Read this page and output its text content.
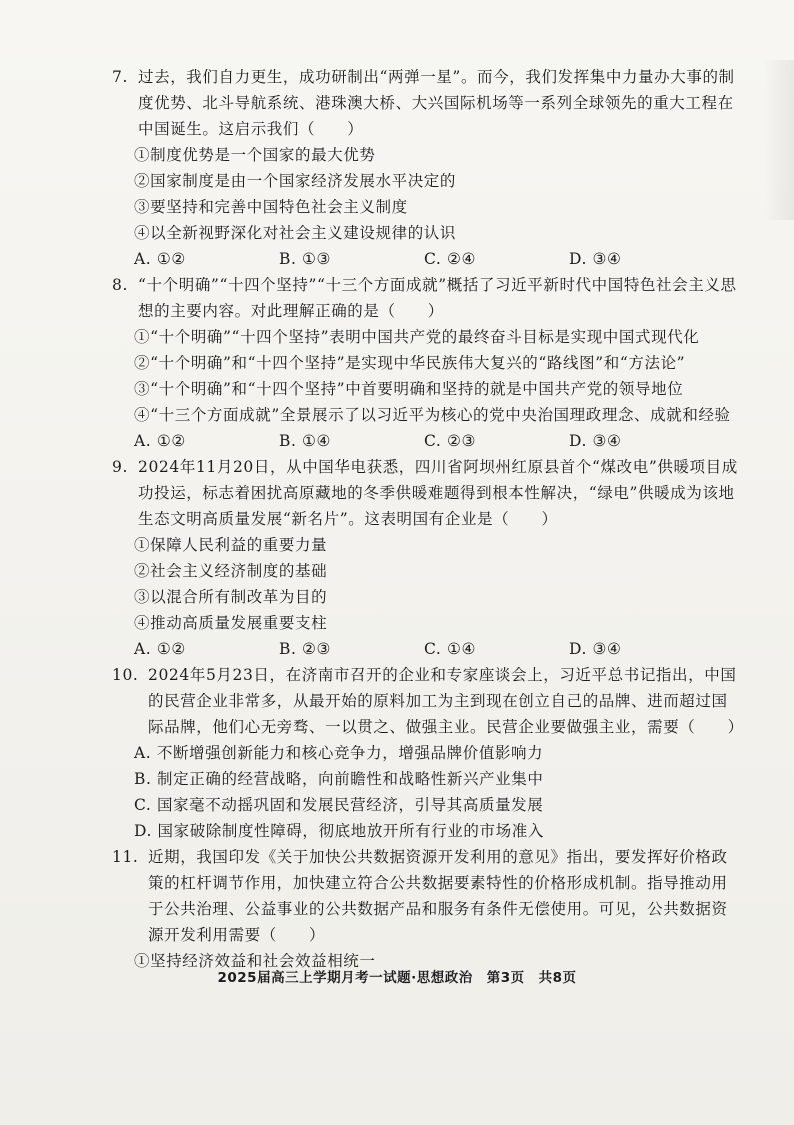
7. 过去，我们自力更生，成功研制出“两弹一星”。而今，我们发挥集中力量办大事的制度优势、北斗导航系统、港珠澳大桥、大兴国际机场等一系列全球领先的重大工程在中国诞生。这启示我们（　　）
①制度优势是一个国家的最大优势
②国家制度是由一个国家经济发展水平决定的
③要坚持和完善中国特色社会主义制度
④以全新视野深化对社会主义建设规律的认识
A. ①②	B. ①③	C. ②④	D. ③④
8. “十个明确”“十四个坚持”“十三个方面成就”概括了习近平新时代中国特色社会主义思想的主要内容。对此理解正确的是（　　）
①“十个明确”“十四个坚持”表明中国共产党的最终奋斗目标是实现中国式现代化
②“十个明确”和“十四个坚持”是实现中华民族伟大复兴的“路线图”和“方法论”
③“十个明确”和“十四个坚持”中首要明确和坚持的就是中国共产党的领导地位
④“十三个方面成就”全景展示了以习近平为核心的党中央治国理政理念、成就和经验
A. ①②	B. ①④	C. ②③	D. ③④
9. 2024年11月20日，从中国华电获悉，四川省阿坝州红原县首个“煤改电”供暖项目成功投运，标志着困扰高原藏地的冬季供暖难题得到根本性解决，“绿电”供暖成为该地生态文明高质量发展“新名片”。这表明国有企业是（　　）
①保障人民利益的重要力量
②社会主义经济制度的基础
③以混合所有制改革为目的
④推动高质量发展重要支柱
A. ①②	B. ②③	C. ①④	D. ③④
10. 2024年5月23日，在济南市召开的企业和专家座谈会上，习近平总书记指出，中国的民营企业非常多，从最开始的原料加工为主到现在创立自己的品牌、进而超过国际品牌，他们心无旁骛、一以贯之、做强主业。民营企业要做强主业，需要（　　）
A. 不断增强创新能力和核心竞争力，增强品牌价值影响力
B. 制定正确的经营战略，向前瞻性和战略性新兴产业集中
C. 国家毫不动摇巩固和发展民营经济，引导其高质量发展
D. 国家破除制度性障碍，彻底地放开所有行业的市场准入
11. 近期，我国印发《关于加快公共数据资源开发利用的意见》指出，要发挥好价格政策的杠杆调节作用，加快建立符合公共数据要素特性的价格形成机制。指导推动用于公共治理、公益事业的公共数据产品和服务有条件无偿使用。可见，公共数据资源开发利用需要（　　）
①坚持经济效益和社会效益相统一
2025届高三上学期月考一试题·思想政治　第3页　共8页
